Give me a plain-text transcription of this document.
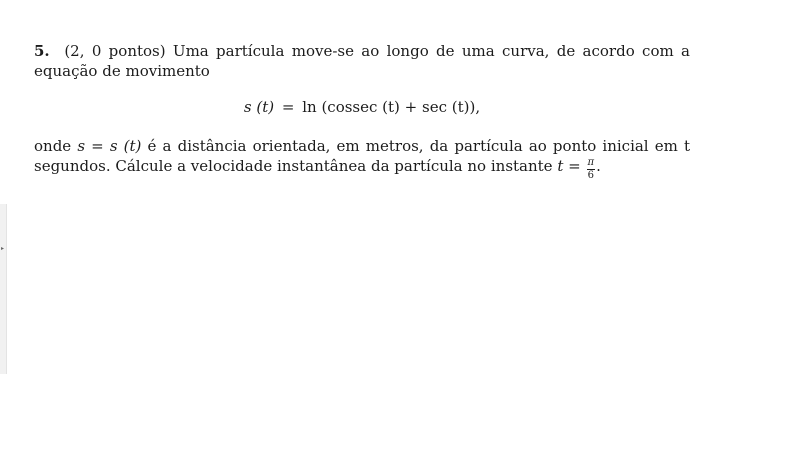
▸

5. (2, 0 pontos) Uma partícula move-se ao longo de uma curva, de acordo com a equação de movimento

s (t) = ln (cossec (t) + sec (t)),

onde s = s (t) é a distância orientada, em metros, da partícula ao ponto inicial em t segundos. Cálcule a velocidade instantânea da partícula no instante $t = \frac{\pi}{6}$ .
